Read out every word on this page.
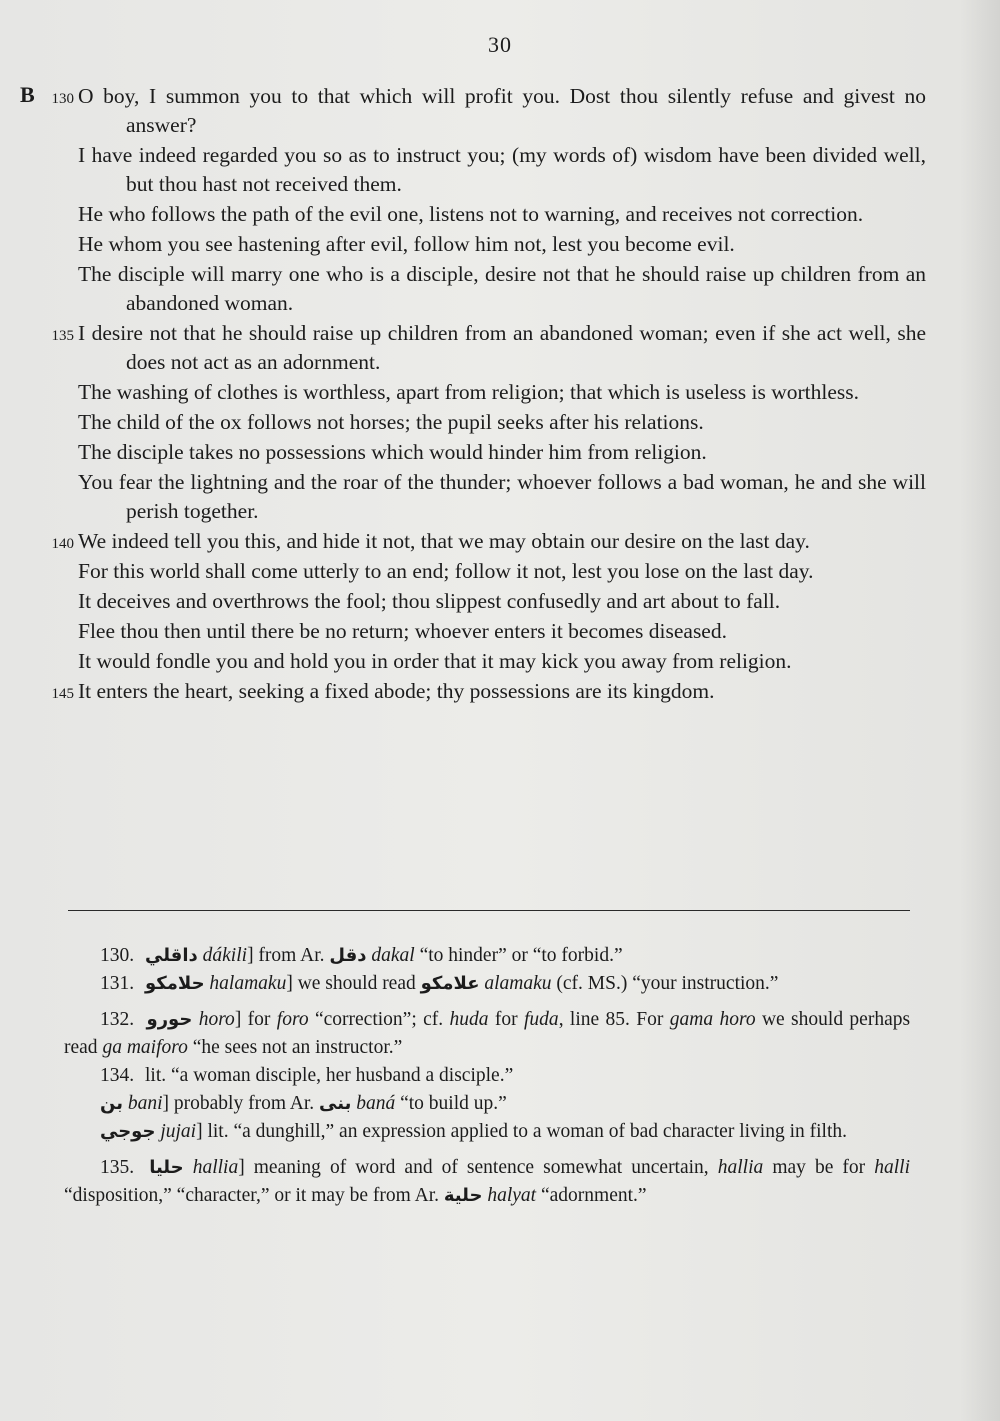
30
B	130 O boy, I summon you to that which will profit you. Dost thou silently refuse and givest no answer?
I have indeed regarded you so as to instruct you; (my words of) wisdom have been divided well, but thou hast not received them.
He who follows the path of the evil one, listens not to warning, and receives not correction.
He whom you see hastening after evil, follow him not, lest you become evil.
The disciple will marry one who is a disciple, desire not that he should raise up children from an abandoned woman.
135 I desire not that he should raise up children from an abandoned woman; even if she act well, she does not act as an adornment.
The washing of clothes is worthless, apart from religion; that which is useless is worthless.
The child of the ox follows not horses; the pupil seeks after his relations.
The disciple takes no possessions which would hinder him from religion.
You fear the lightning and the roar of the thunder; whoever follows a bad woman, he and she will perish together.
140 We indeed tell you this, and hide it not, that we may obtain our desire on the last day.
For this world shall come utterly to an end; follow it not, lest you lose on the last day.
It deceives and overthrows the fool; thou slippest confusedly and art about to fall.
Flee thou then until there be no return; whoever enters it becomes diseased.
It would fondle you and hold you in order that it may kick you away from religion.
145 It enters the heart, seeking a fixed abode; thy possessions are its kingdom.
130. داقلي dákili] from Ar. دقل dakal “to hinder” or “to forbid.”
131. حلامكو halamaku] we should read علامكو alamaku (cf. MS.) “your instruction.”
132. حورو horo] for foro “correction”; cf. huda for fuda, line 85. For gama horo we should perhaps read ga maiforo “he sees not an instructor.”
134. lit. “a woman disciple, her husband a disciple.”
بن bani] probably from Ar. بنى baná “to build up.”
جوجي jujai] lit. “a dunghill,” an expression applied to a woman of bad character living in filth.
135. حليا hallia] meaning of word and of sentence somewhat uncertain, hallia may be for halli “disposition,” “character,” or it may be from Ar. حلية halyat “adornment.”
